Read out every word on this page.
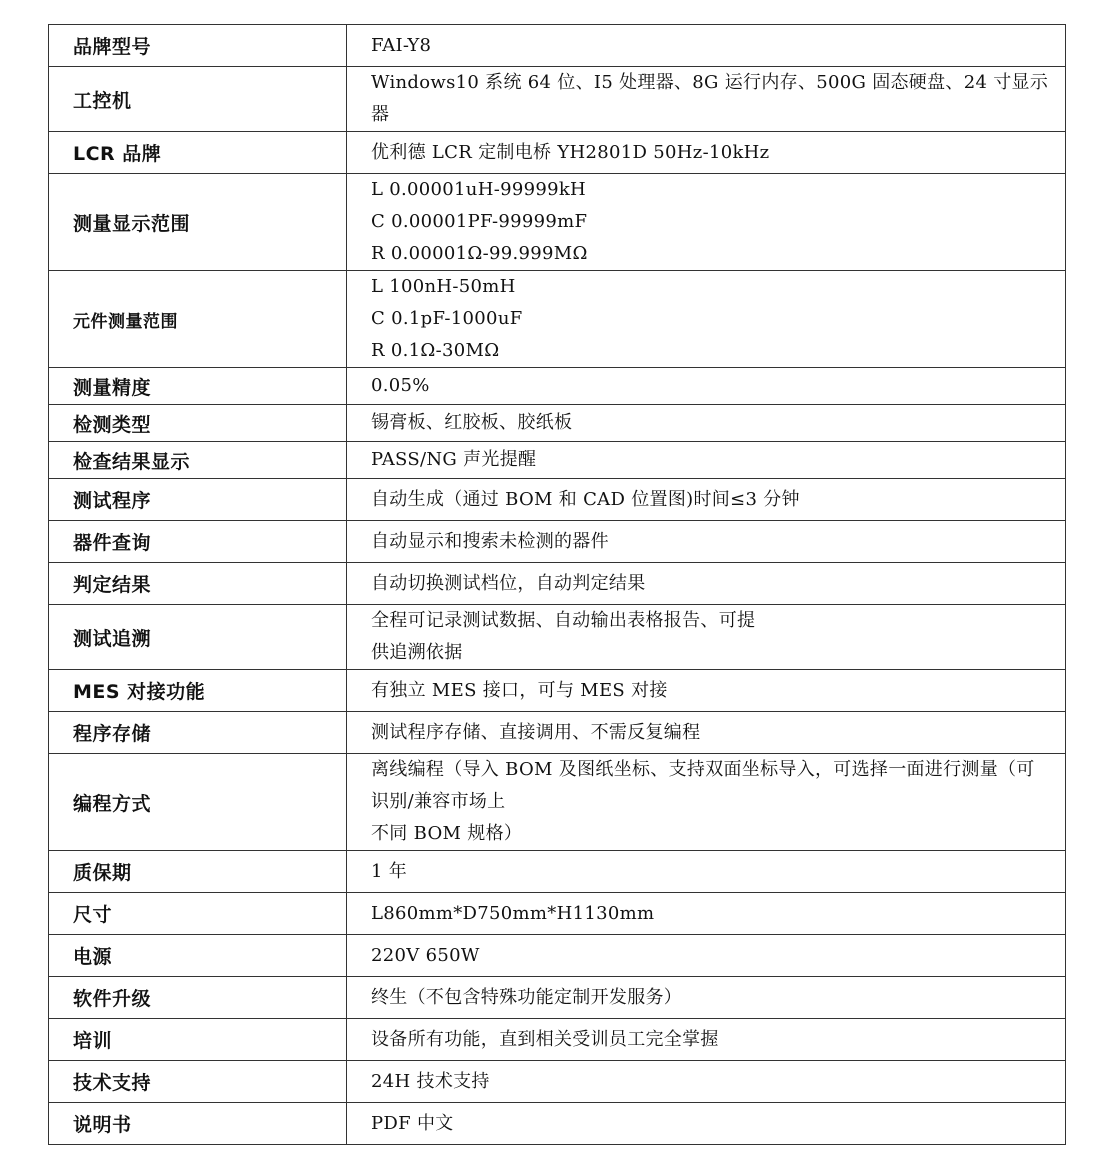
品牌型号	FAI-Y8

工控机	Windows10 系统 64 位、I5 处理器、8G 运行内存、500G 固态硬盘、24 寸显示
器

LCR 品牌	优利德 LCR 定制电桥 YH2801D 50Hz-10kHz

测量显示范围	L 0.00001uH-99999kH
C 0.00001PF-99999mF
R 0.00001Ω-99.999MΩ

元件测量范围	L 100nH-50mH
C 0.1pF-1000uF
R 0.1Ω-30MΩ

测量精度	0.05%

检测类型	锡膏板、红胶板、胶纸板

检查结果显示	PASS/NG 声光提醒

测试程序	自动生成（通过 BOM 和 CAD 位置图)时间≤3 分钟

器件查询	自动显示和搜索未检测的器件

判定结果	自动切换测试档位，自动判定结果

测试追溯	全程可记录测试数据、自动输出表格报告、可提
供追溯依据

MES 对接功能	有独立 MES 接口，可与 MES 对接

程序存储	测试程序存储、直接调用、不需反复编程

编程方式	离线编程（导入 BOM 及图纸坐标、支持双面坐标导入，可选择一面进行测量（可
识别/兼容市场上
不同 BOM 规格）

质保期	1 年

尺寸	L860mm*D750mm*H1130mm

电源	220V 650W

软件升级	终生（不包含特殊功能定制开发服务）

培训	设备所有功能，直到相关受训员工完全掌握

技术支持	24H 技术支持

说明书	PDF 中文
